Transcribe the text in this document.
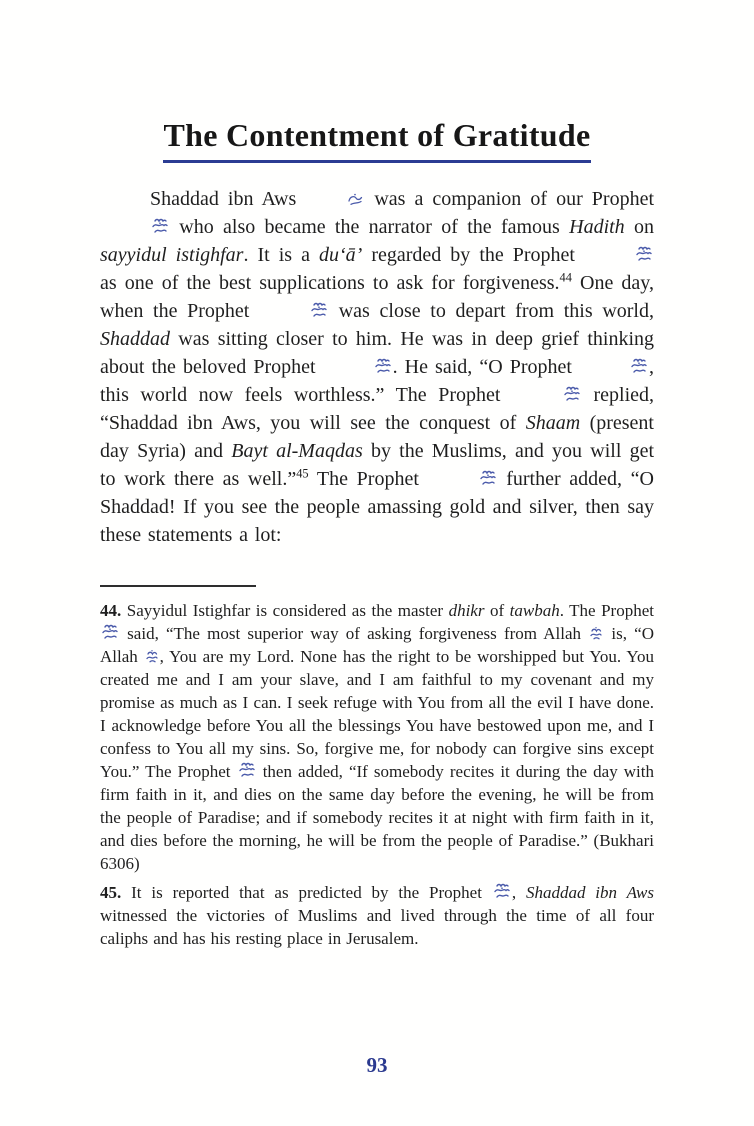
The Contentment of Gratitude

Shaddad ibn Aws	was a companion of our Prophet who also became the narrator of the famous Hadith on sayyidul istighfar. It is a du‘ā’ regarded by the Prophet  as one of the best supplications to ask for forgiveness.$^{44}$ One day, when the Prophet	was close to depart from this world, Shaddad was sitting closer to him. He was in deep grief thinking about the beloved Prophet	. He said, “O Prophet	, this world now feels worthless.” The Prophet	replied, “Shaddad ibn Aws, you will see the conquest of Shaam (present day Syria) and Bayt al-Maqdas by the Muslims, and you will get to work there as well.”$^{45}$ The Prophet	further added, “O Shaddad! If you see the people amassing gold and silver, then say these statements a lot:

44. Sayyidul Istighfar is considered as the master dhikr of tawbah. The Prophet  said, “The most superior way of asking forgiveness from Allah  is, “O Allah , You are my Lord. None has the right to be worshipped but You. You created me and I am your slave, and I am faithful to my covenant and my promise as much as I can. I seek refuge with You from all the evil I have done. I acknowledge before You all the blessings You have bestowed upon me, and I confess to You all my sins. So, forgive me, for nobody can forgive sins except You.” The Prophet  then added, “If somebody recites it during the day with firm faith in it, and dies on the same day before the evening, he will be from the people of Paradise; and if somebody recites it at night with firm faith in it, and dies before the morning, he will be from the people of Paradise.” (Bukhari 6306)

45. It is reported that as predicted by the Prophet , Shaddad ibn Aws witnessed the victories of Muslims and lived through the time of all four caliphs and has his resting place in Jerusalem.

93
